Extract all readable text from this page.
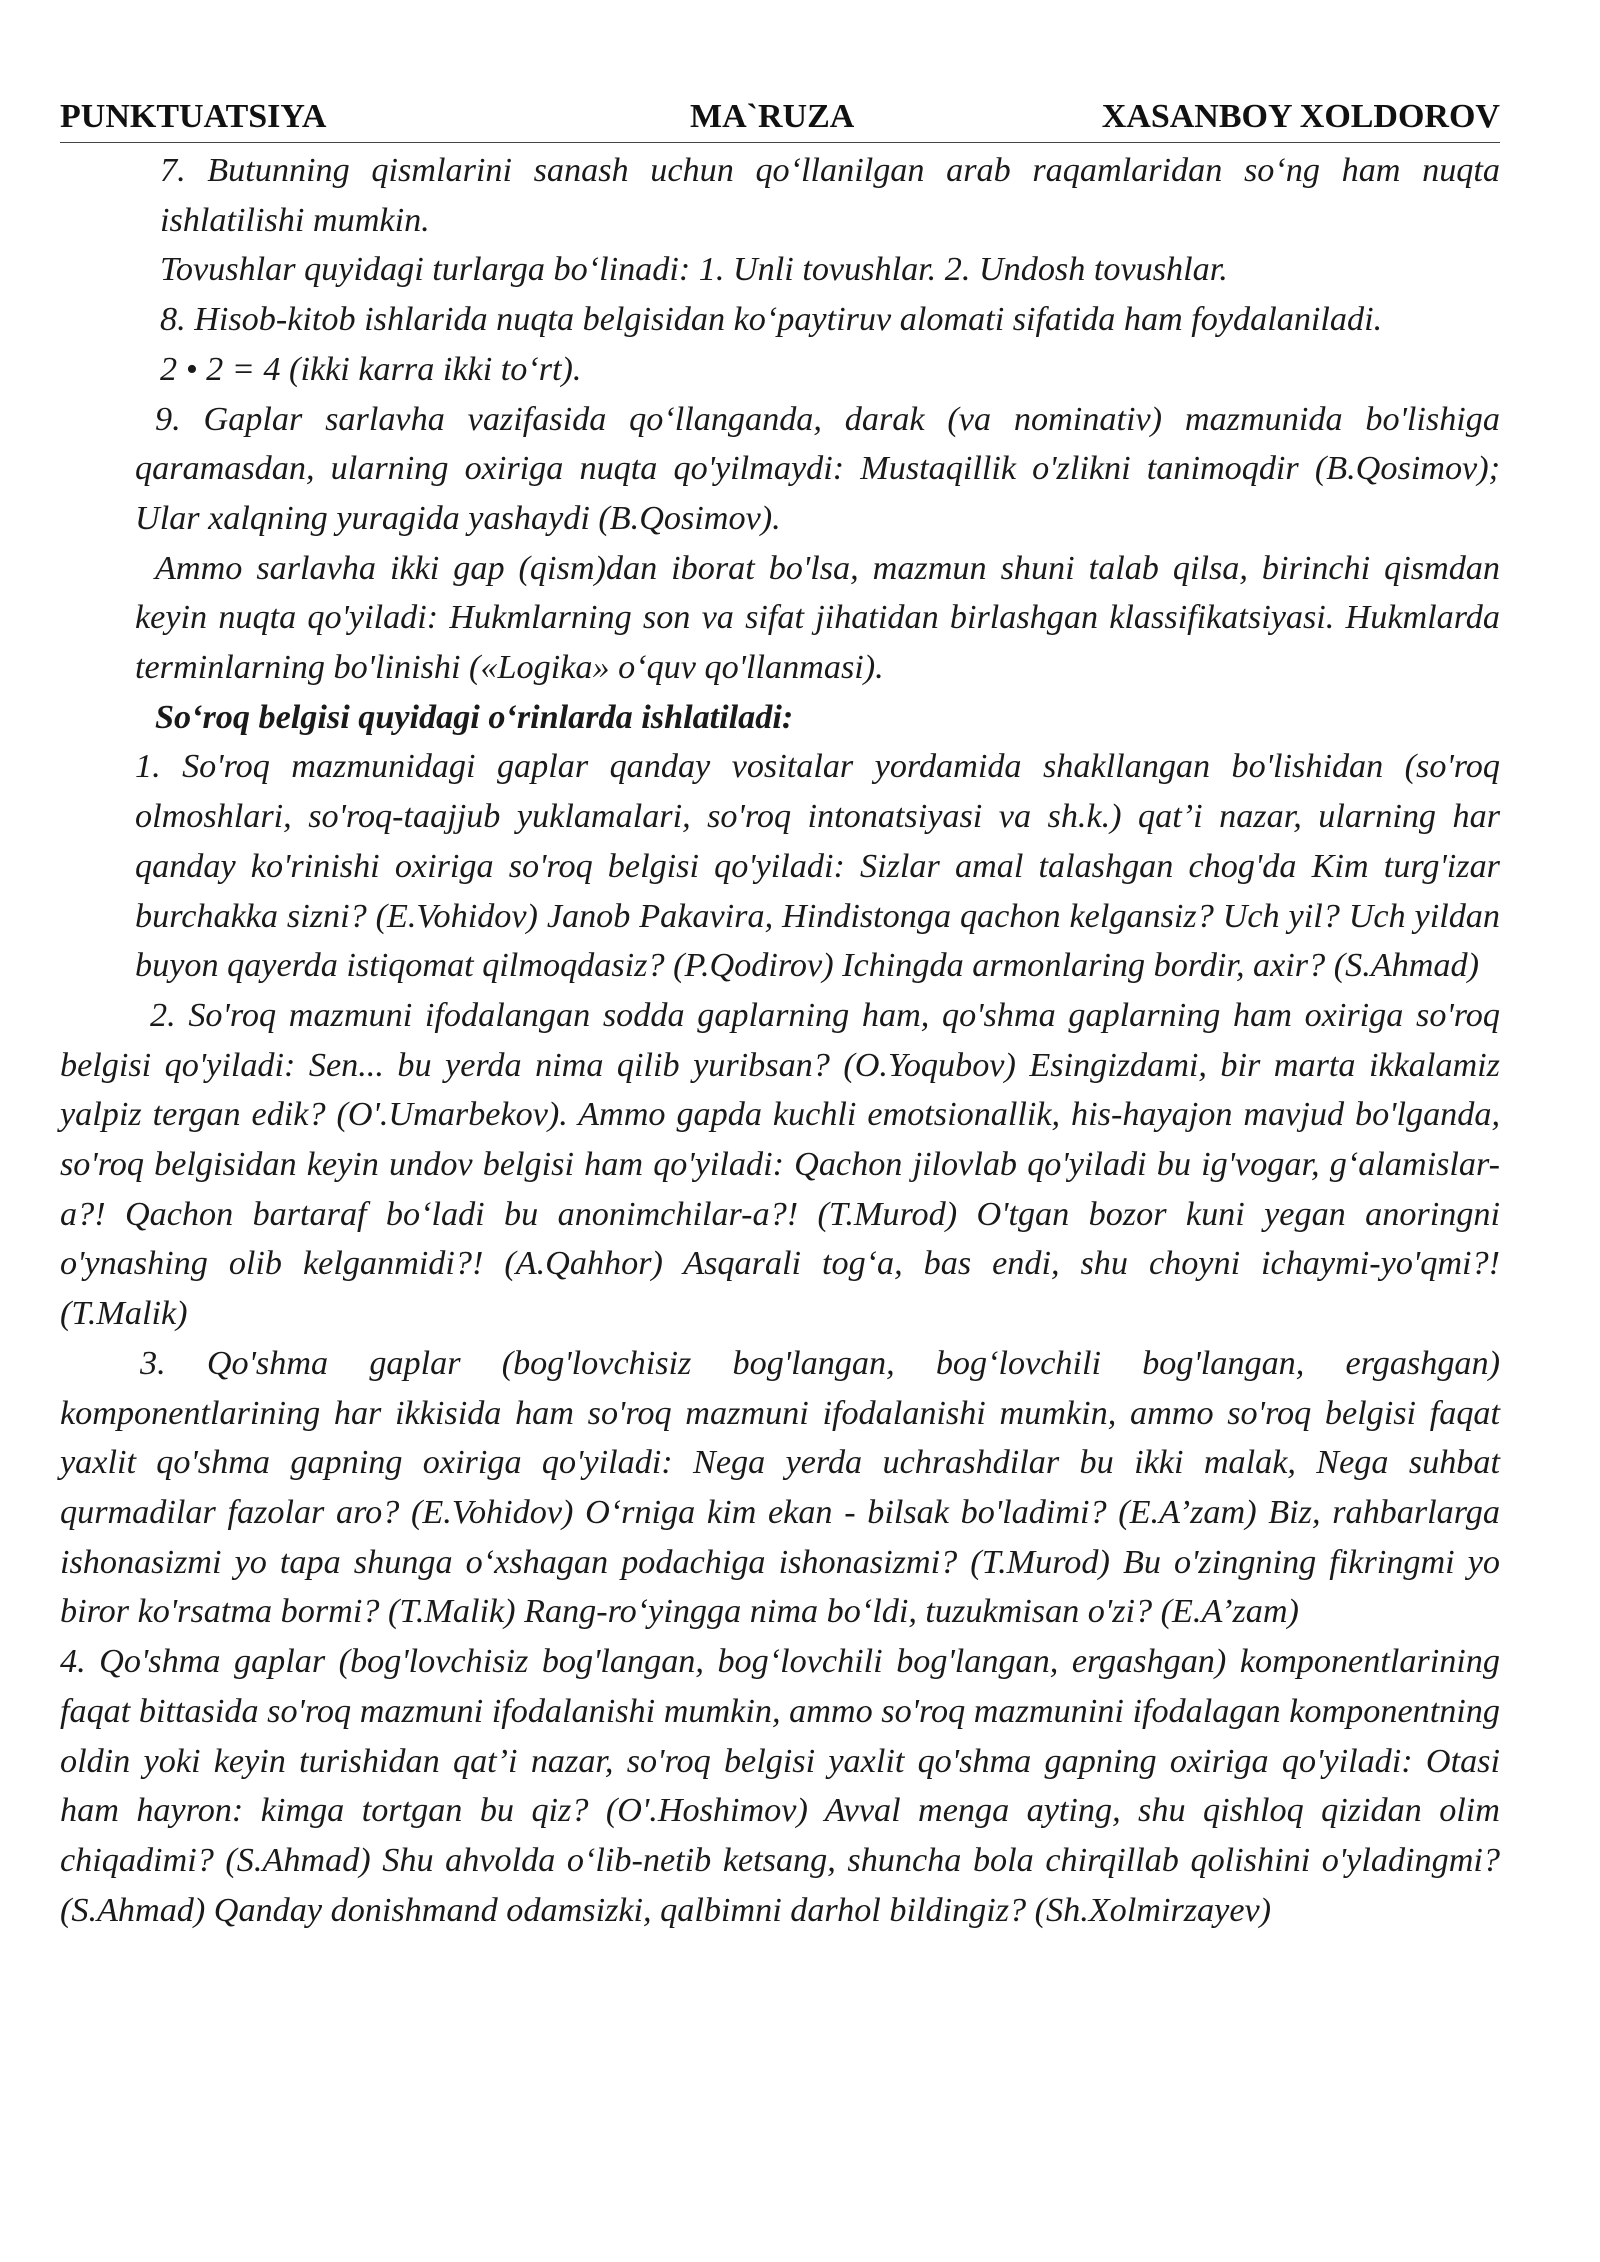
PUNKTUATSIYA	MA`RUZA	XASANBOY XOLDOROV

7. Butunning qismlarini sanash uchun qo‘llanilgan arab raqamlaridan so‘ng ham nuqta ishlatilishi mumkin.

Tovushlar quyidagi turlarga bo‘linadi: 1. Unli tovushlar. 2. Undosh tovushlar.

8. Hisob-kitob ishlarida nuqta belgisidan ko‘paytiruv alomati sifatida ham foydalaniladi.

2 • 2 = 4 (ikki karra ikki to‘rt).

9. Gaplar sarlavha vazifasida qo‘llanganda, darak (va nominativ) mazmunida bo'lishiga qaramasdan, ularning oxiriga nuqta qo'yilmaydi: Mustaqillik o'zlikni tanimoqdir (B.Qosimov); Ular xalqning yuragida yashaydi (B.Qosimov).

Ammo sarlavha ikki gap (qism)dan iborat bo'lsa, mazmun shuni talab qilsa, birinchi qismdan keyin nuqta qo'yiladi: Hukmlarning son va sifat jihatidan birlashgan klassifikatsiyasi. Hukmlarda terminlarning bo'linishi («Logika» o‘quv qo'llanmasi).

So‘roq belgisi quyidagi o‘rinlarda ishlatiladi:

1. So'roq mazmunidagi gaplar qanday vositalar yordamida shakllangan bo'lishidan (so'roq olmoshlari, so'roq-taajjub yuklamalari, so'roq intonatsiyasi va sh.k.) qat’i nazar, ularning har qanday ko'rinishi oxiriga so'roq belgisi qo'yiladi: Sizlar amal talashgan chog'da Kim turg'izar burchakka sizni? (E.Vohidov) Janob Pakavira, Hindistonga qachon kelgansiz? Uch yil? Uch yildan buyon qayerda istiqomat qilmoqdasiz? (P.Qodirov) Ichingda armonlaring bordir, axir? (S.Ahmad)

2. So'roq mazmuni ifodalangan sodda gaplarning ham, qo'shma gaplarning ham oxiriga so'roq belgisi qo'yiladi: Sen... bu yerda nima qilib yuribsan? (O.Yoqubov) Esingizdami, bir marta ikkalamiz yalpiz tergan edik? (O'.Umarbekov). Ammo gapda kuchli emotsionallik, his-hayajon mavjud bo'lganda, so'roq belgisidan keyin undov belgisi ham qo'yiladi: Qachon jilovlab qo'yiladi bu ig'vogar, g‘alamislar-a?! Qachon bartaraf bo‘ladi bu anonimchilar-a?! (T.Murod) O'tgan bozor kuni yegan anoringni o'ynashing olib kelganmidi?! (A.Qahhor) Asqarali tog‘a, bas endi, shu choyni ichaymi-yo'qmi?! (T.Malik)

3. Qo'shma gaplar (bog'lovchisiz bog'langan, bog‘lovchili bog'langan, ergashgan) komponentlarining har ikkisida ham so'roq mazmuni ifodalanishi mumkin, ammo so'roq belgisi faqat yaxlit qo'shma gapning oxiriga qo'yiladi: Nega yerda uchrashdilar bu ikki malak, Nega suhbat qurmadilar fazolar aro? (E.Vohidov) O‘rniga kim ekan - bilsak bo'ladimi? (E.A’zam) Biz, rahbarlarga ishonasizmi yo tapa shunga o‘xshagan podachiga ishonasizmi? (T.Murod) Bu o'zingning fikringmi yo biror ko'rsatma bormi? (T.Malik) Rang-ro‘yingga nima bo‘ldi, tuzukmisan o'zi? (E.A’zam)

4. Qo'shma gaplar (bog'lovchisiz bog'langan, bog‘lovchili bog'langan, ergashgan) komponentlarining faqat bittasida so'roq mazmuni ifodalanishi mumkin, ammo so'roq mazmunini ifodalagan komponentning oldin yoki keyin turishidan qat’i nazar, so'roq belgisi yaxlit qo'shma gapning oxiriga qo'yiladi: Otasi ham hayron: kimga tortgan bu qiz? (O'.Hoshimov) Avval menga ayting, shu qishloq qizidan olim chiqadimi? (S.Ahmad) Shu ahvolda o‘lib-netib ketsang, shuncha bola chirqillab qolishini o'yladingmi? (S.Ahmad) Qanday donishmand odamsizki, qalbimni darhol bildingiz? (Sh.Xolmirzayev)
